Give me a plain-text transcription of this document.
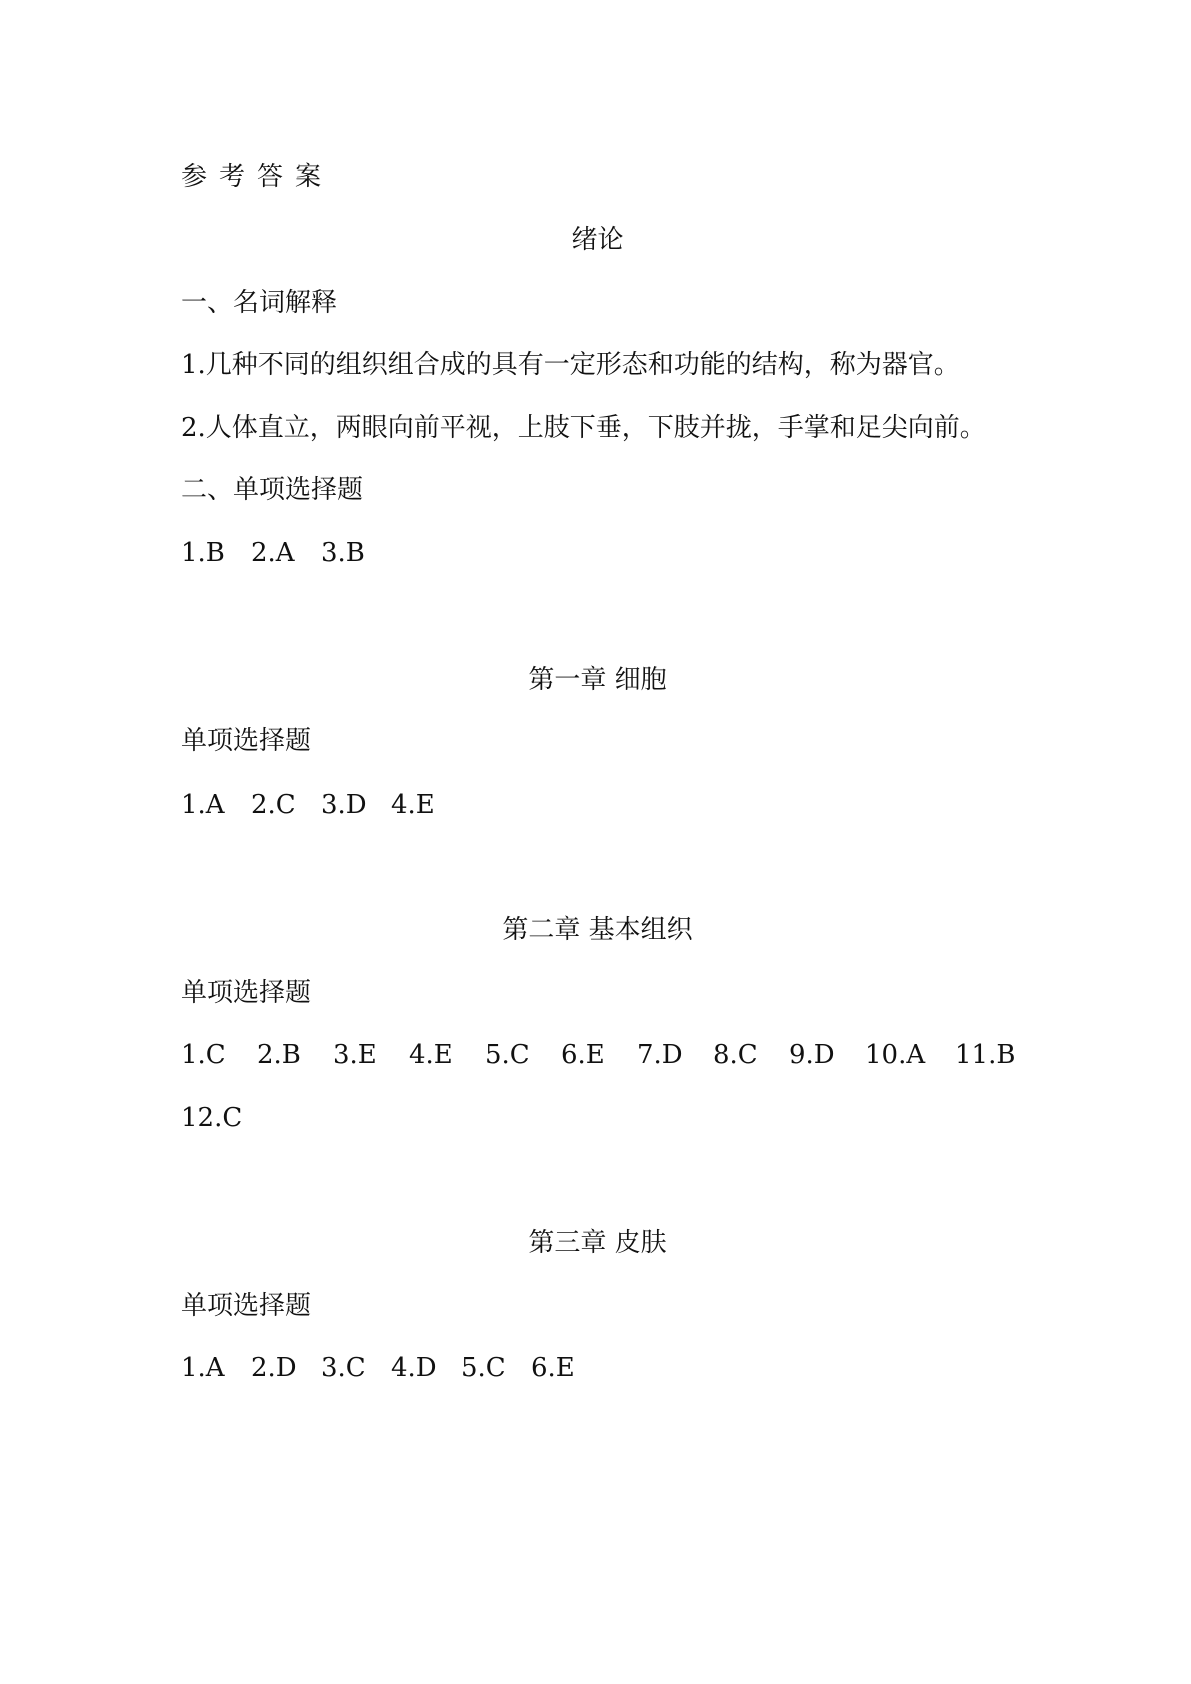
参考答案
绪论
一、名词解释
1.几种不同的组织组合成的具有一定形态和功能的结构，称为器官。
2.人体直立，两眼向前平视，上肢下垂，下肢并拢，手掌和足尖向前。
二、单项选择题
1.B 2.A 3.B
第一章 细胞
单项选择题
1.A 2.C 3.D 4.E
第二章 基本组织
单项选择题
1.C 2.B 3.E 4.E 5.C 6.E 7.D 8.C 9.D 10.A 11.B
12.C
第三章 皮肤
单项选择题
1.A 2.D 3.C 4.D 5.C 6.E
